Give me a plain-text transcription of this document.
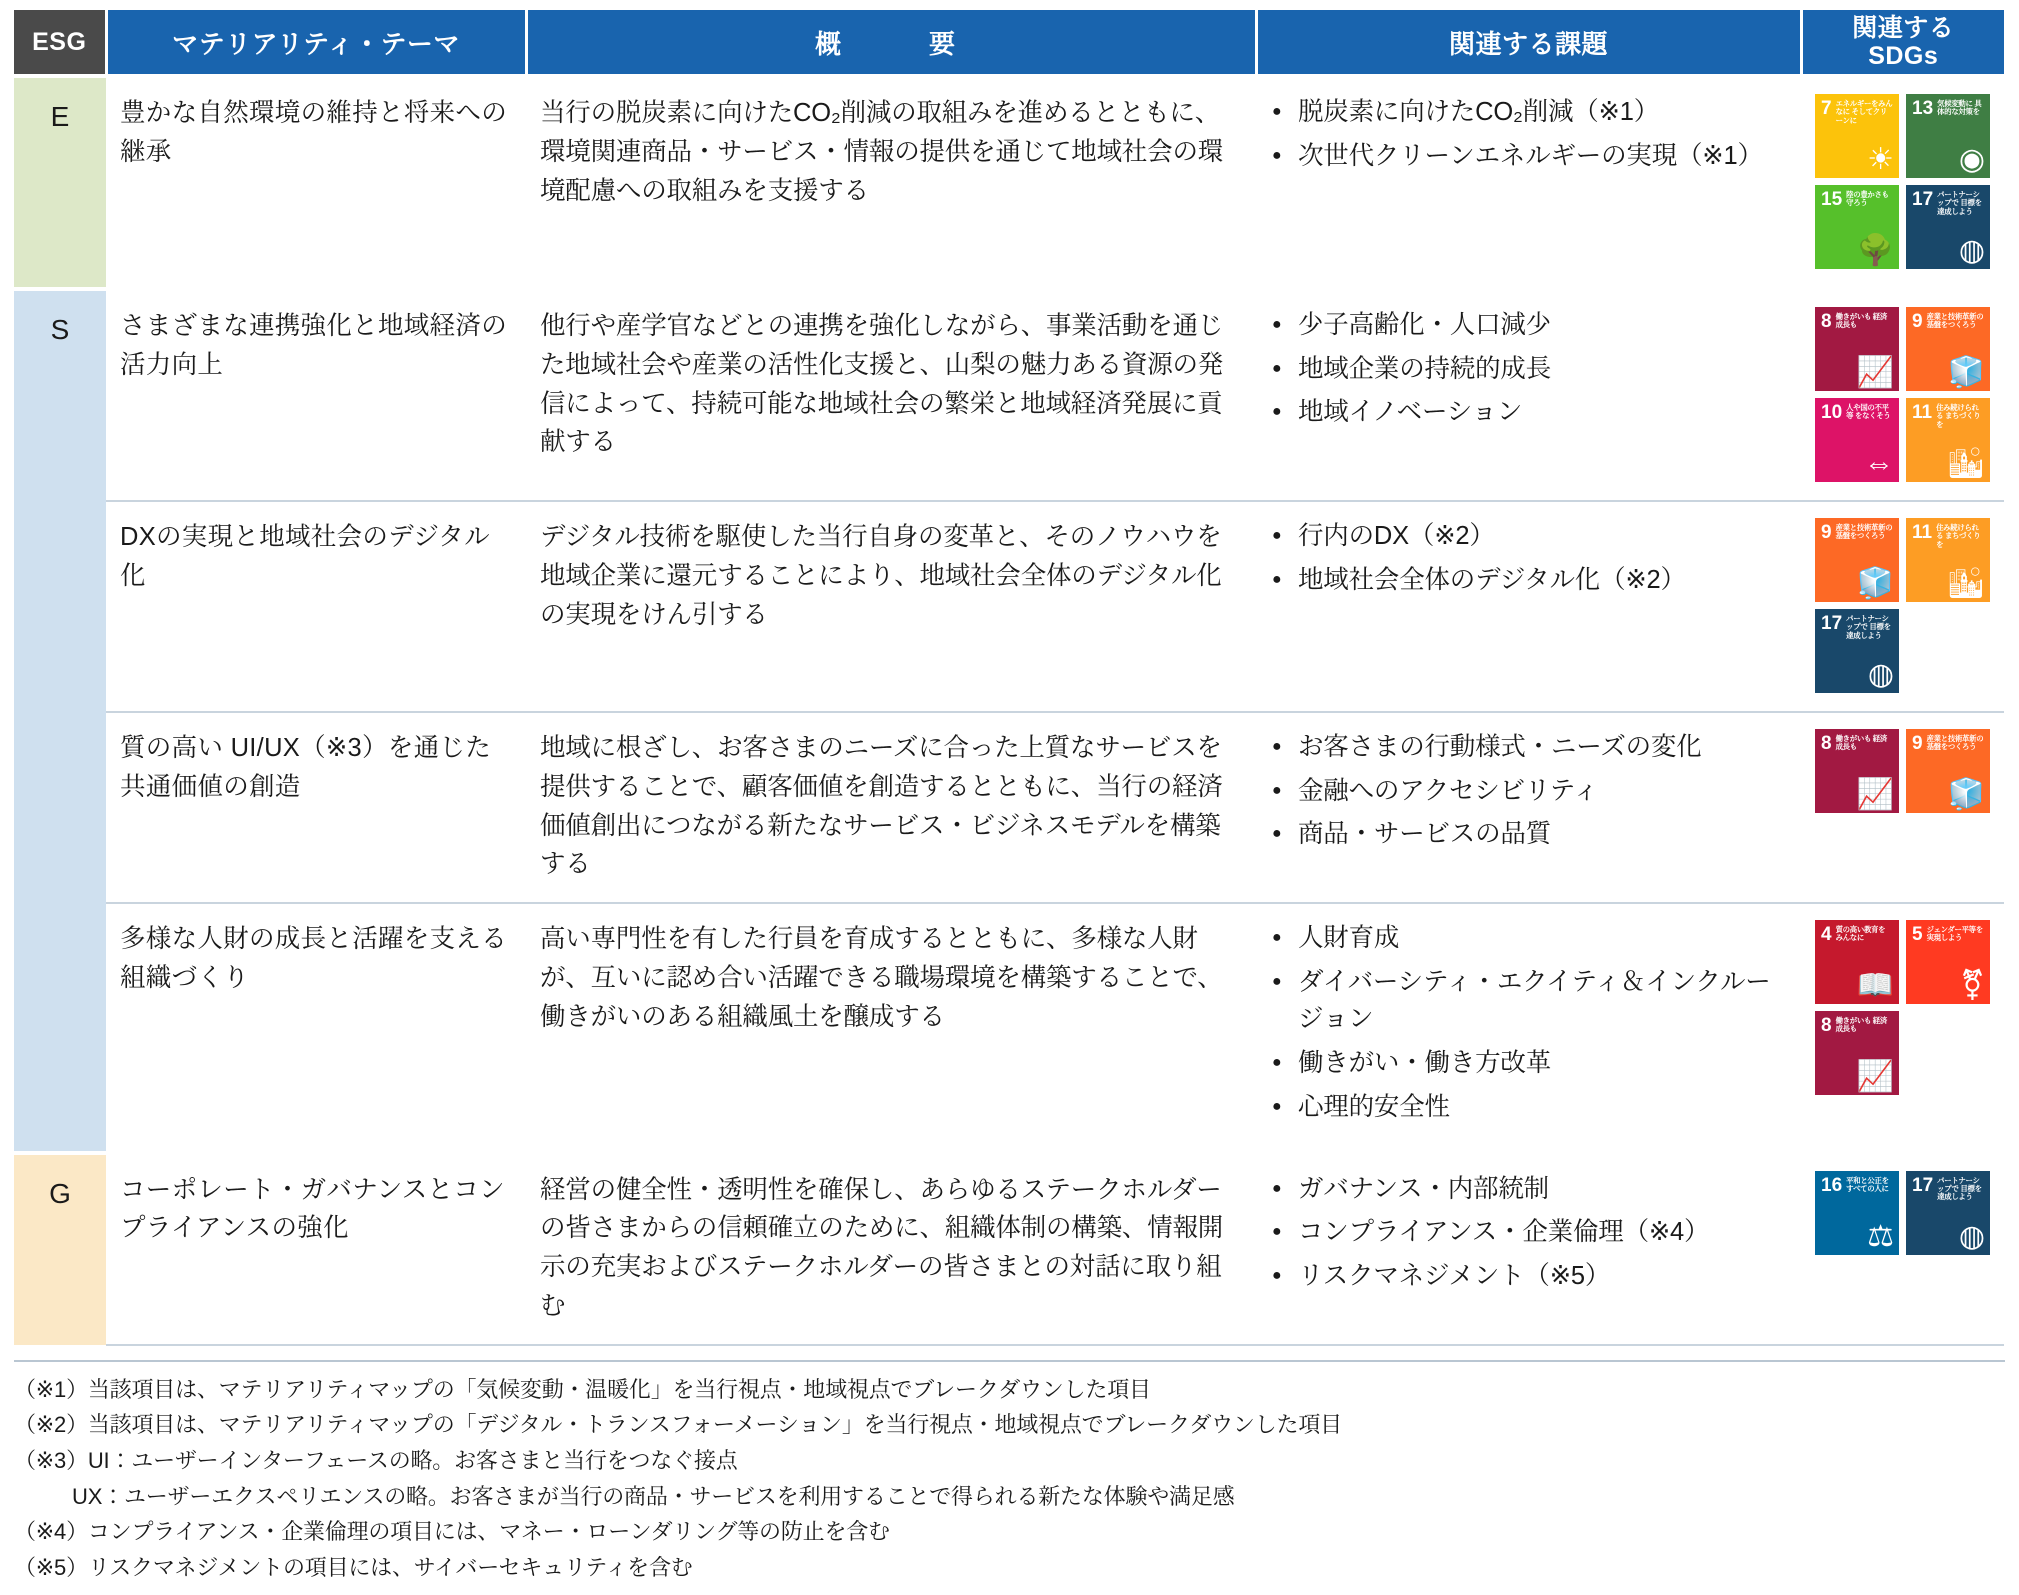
ESG	マテリアリティ・テーマ	概　　要	関連する課題	関連する
SDGs
E	豊かな自然環境の維持と将来への継承	当行の脱炭素に向けたCO₂削減の取組みを進めるとともに、環境関連商品・サービス・情報の提供を通じて地域社会の環境配慮への取組みを支援する	
● 脱炭素に向けたCO₂削減（※1）
● 次世代クリーンエネルギーの実現（※1）

7 エネルギーをみんなに そしてクリーンに
☀
13 気候変動に 具体的な対策を
◉
15 陸の豊かさも 守ろう
🌳
17 パートナーシップで 目標を達成しよう
◍

S	さまざまな連携強化と地域経済の活力向上	他行や産学官などとの連携を強化しながら、事業活動を通じた地域社会や産業の活性化支援と、山梨の魅力ある資源の発信によって、持続可能な地域社会の繁栄と地域経済発展に貢献する	
● 少子高齢化・人口減少
● 地域企業の持続的成長
● 地域イノベーション

8 働きがいも 経済成長も
📈
9 産業と技術革新の 基盤をつくろう
🧊
10 人や国の不平等 をなくそう
⇔
11 住み続けられる まちづくりを
🏙

DXの実現と地域社会のデジタル化	デジタル技術を駆使した当行自身の変革と、そのノウハウを地域企業に還元することにより、地域社会全体のデジタル化の実現をけん引する	
● 行内のDX（※2）
● 地域社会全体のデジタル化（※2）

9 産業と技術革新の 基盤をつくろう
🧊
11 住み続けられる まちづくりを
🏙
17 パートナーシップで 目標を達成しよう
◍

質の高い UI/UX（※3）を通じた共通価値の創造	地域に根ざし、お客さまのニーズに合った上質なサービスを提供することで、顧客価値を創造するとともに、当行の経済価値創出につながる新たなサービス・ビジネスモデルを構築する	
● お客さまの行動様式・ニーズの変化
● 金融へのアクセシビリティ
● 商品・サービスの品質

8 働きがいも 経済成長も
📈
9 産業と技術革新の 基盤をつくろう
🧊

多様な人財の成長と活躍を支える組織づくり	高い専門性を有した行員を育成するとともに、多様な人財が、互いに認め合い活躍できる職場環境を構築することで、働きがいのある組織風土を醸成する	
● 人財育成
● ダイバーシティ・エクイティ＆インクルージョン
● 働きがい・働き方改革
● 心理的安全性

4 質の高い教育を みんなに
📖
5 ジェンダー平等を 実現しよう
⚧
8 働きがいも 経済成長も
📈

G	コーポレート・ガバナンスとコンプライアンスの強化	経営の健全性・透明性を確保し、あらゆるステークホルダーの皆さまからの信頼確立のために、組織体制の構築、情報開示の充実およびステークホルダーの皆さまとの対話に取り組む	
● ガバナンス・内部統制
● コンプライアンス・企業倫理（※4）
● リスクマネジメント（※5）

16 平和と公正を すべての人に
⚖
17 パートナーシップで 目標を達成しよう
◍
（※1）当該項目は、マテリアリティマップの「気候変動・温暖化」を当行視点・地域視点でブレークダウンした項目
（※2）当該項目は、マテリアリティマップの「デジタル・トランスフォーメーション」を当行視点・地域視点でブレークダウンした項目
（※3）UI：ユーザーインターフェースの略。お客さまと当行をつなぐ接点
UX：ユーザーエクスペリエンスの略。お客さまが当行の商品・サービスを利用することで得られる新たな体験や満足感
（※4）コンプライアンス・企業倫理の項目には、マネー・ローンダリング等の防止を含む
（※5）リスクマネジメントの項目には、サイバーセキュリティを含む
